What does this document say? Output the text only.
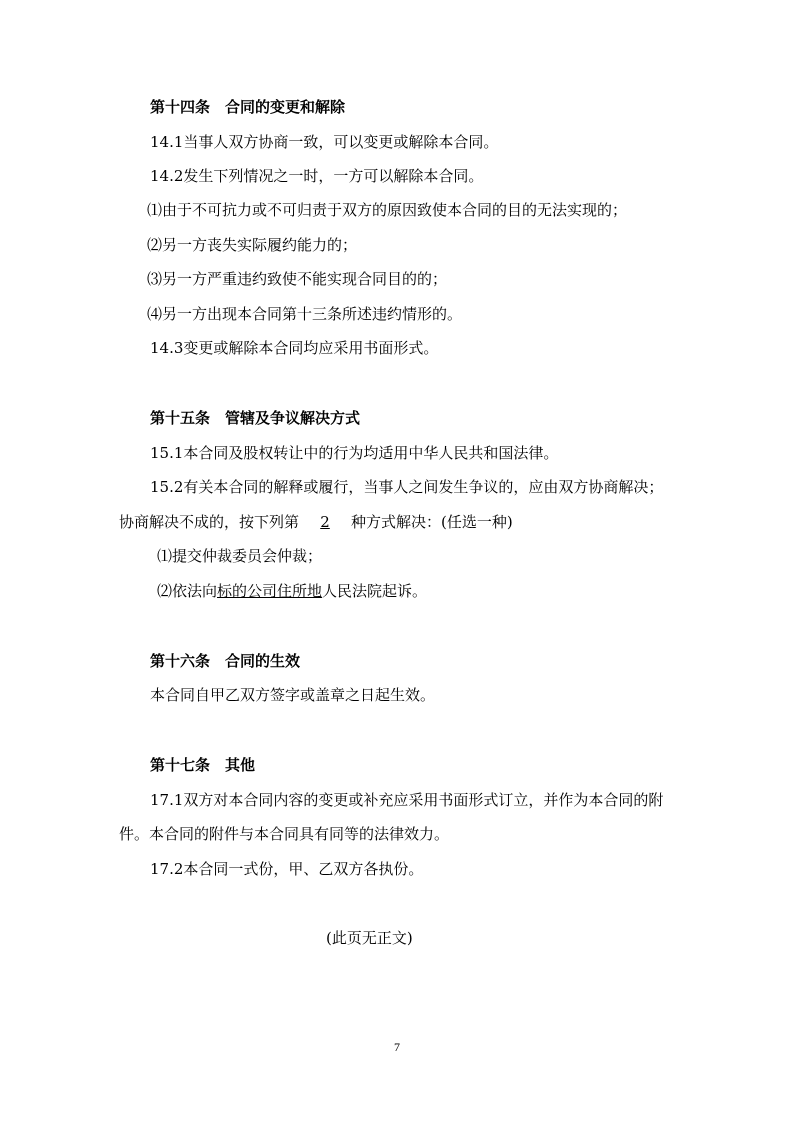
第十四条　合同的变更和解除
14.1当事人双方协商一致，可以变更或解除本合同。
14.2发生下列情况之一时，一方可以解除本合同。
⑴由于不可抗力或不可归责于双方的原因致使本合同的目的无法实现的；
⑵另一方丧失实际履约能力的；
⑶另一方严重违约致使不能实现合同目的的；
⑷另一方出现本合同第十三条所述违约情形的。
14.3变更或解除本合同均应采用书面形式。
第十五条　管辖及争议解决方式
15.1本合同及股权转让中的行为均适用中华人民共和国法律。
15.2有关本合同的解释或履行，当事人之间发生争议的，应由双方协商解决；
协商解决不成的，按下列第 2 种方式解决：(任选一种)
⑴提交仲裁委员会仲裁；
⑵依法向标的公司住所地人民法院起诉。
第十六条　合同的生效
本合同自甲乙双方签字或盖章之日起生效。
第十七条　其他
17.1双方对本合同内容的变更或补充应采用书面形式订立，并作为本合同的附
件。本合同的附件与本合同具有同等的法律效力。
17.2本合同一式份，甲、乙双方各执份。
(此页无正文)
7
